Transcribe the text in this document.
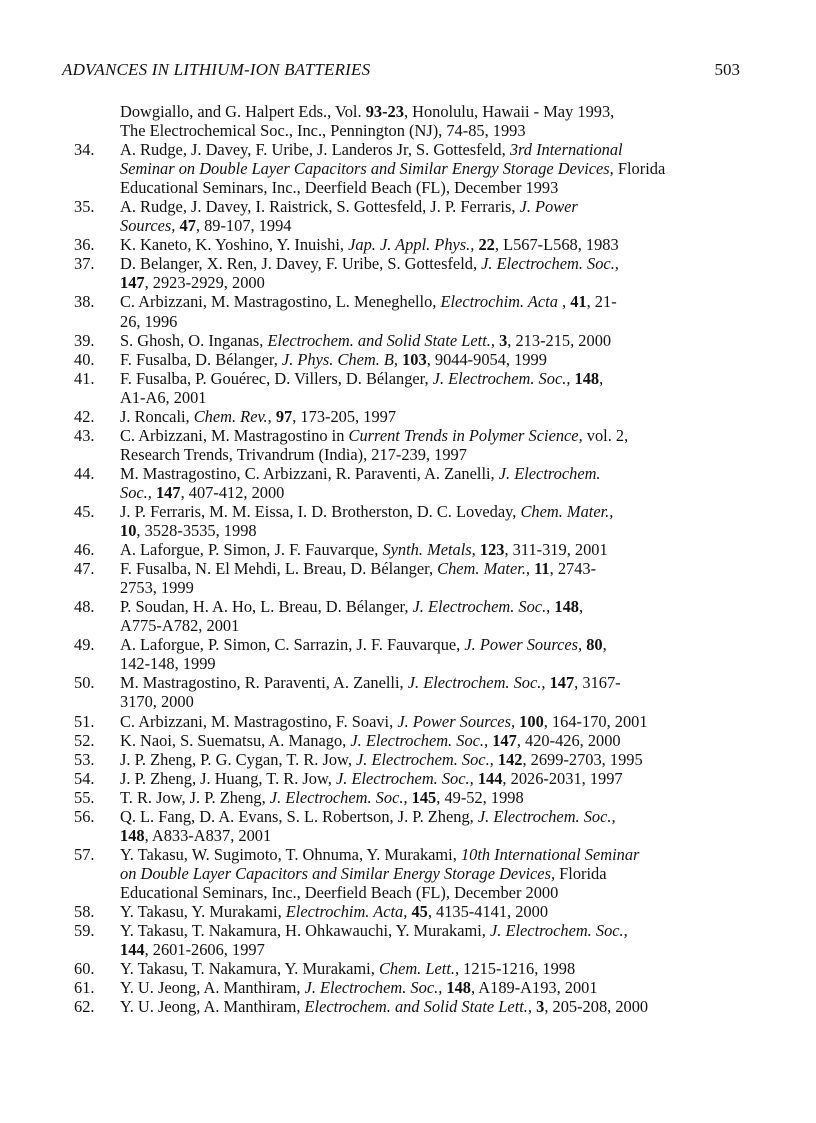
ADVANCES IN LITHIUM-ION BATTERIES	503
Dowgiallo, and G. Halpert Eds., Vol. 93-23, Honolulu, Hawaii - May 1993,
The Electrochemical Soc., Inc., Pennington (NJ), 74-85, 1993
34.	A. Rudge, J. Davey, F. Uribe, J. Landeros Jr, S. Gottesfeld, 3rd International
Seminar on Double Layer Capacitors and Similar Energy Storage Devices, Florida
Educational Seminars, Inc., Deerfield Beach (FL), December 1993
35.	A. Rudge, J. Davey, I. Raistrick, S. Gottesfeld, J. P. Ferraris, J. Power
Sources, 47, 89-107, 1994
36.	K. Kaneto, K. Yoshino, Y. Inuishi, Jap. J. Appl. Phys., 22, L567-L568, 1983
37.	D. Belanger, X. Ren, J. Davey, F. Uribe, S. Gottesfeld, J. Electrochem. Soc.,
147, 2923-2929, 2000
38.	C. Arbizzani, M. Mastragostino, L. Meneghello, Electrochim. Acta , 41, 21-
26, 1996
39.	S. Ghosh, O. Inganas, Electrochem. and Solid State Lett., 3, 213-215, 2000
40.	F. Fusalba, D. Bélanger, J. Phys. Chem. B, 103, 9044-9054, 1999
41.	F. Fusalba, P. Gouérec, D. Villers, D. Bélanger, J. Electrochem. Soc., 148,
A1-A6, 2001
42.	J. Roncali, Chem. Rev., 97, 173-205, 1997
43.	C. Arbizzani, M. Mastragostino in Current Trends in Polymer Science, vol. 2,
Research Trends, Trivandrum (India), 217-239, 1997
44.	M. Mastragostino, C. Arbizzani, R. Paraventi, A. Zanelli, J. Electrochem.
Soc., 147, 407-412, 2000
45.	J. P. Ferraris, M. M. Eissa, I. D. Brotherston, D. C. Loveday, Chem. Mater.,
10, 3528-3535, 1998
46.	A. Laforgue, P. Simon, J. F. Fauvarque, Synth. Metals, 123, 311-319, 2001
47.	F. Fusalba, N. El Mehdi, L. Breau, D. Bélanger, Chem. Mater., 11, 2743-
2753, 1999
48.	P. Soudan, H. A. Ho, L. Breau, D. Bélanger, J. Electrochem. Soc., 148,
A775-A782, 2001
49.	A. Laforgue, P. Simon, C. Sarrazin, J. F. Fauvarque, J. Power Sources, 80,
142-148, 1999
50.	M. Mastragostino, R. Paraventi, A. Zanelli, J. Electrochem. Soc., 147, 3167-
3170, 2000
51.	C. Arbizzani, M. Mastragostino, F. Soavi, J. Power Sources, 100, 164-170, 2001
52.	K. Naoi, S. Suematsu, A. Manago, J. Electrochem. Soc., 147, 420-426, 2000
53.	J. P. Zheng, P. G. Cygan, T. R. Jow, J. Electrochem. Soc., 142, 2699-2703, 1995
54.	J. P. Zheng, J. Huang, T. R. Jow, J. Electrochem. Soc., 144, 2026-2031, 1997
55.	T. R. Jow, J. P. Zheng, J. Electrochem. Soc., 145, 49-52, 1998
56.	Q. L. Fang, D. A. Evans, S. L. Robertson, J. P. Zheng, J. Electrochem. Soc.,
148, A833-A837, 2001
57.	Y. Takasu, W. Sugimoto, T. Ohnuma, Y. Murakami, 10th International Seminar
on Double Layer Capacitors and Similar Energy Storage Devices, Florida
Educational Seminars, Inc., Deerfield Beach (FL), December 2000
58.	Y. Takasu, Y. Murakami, Electrochim. Acta, 45, 4135-4141, 2000
59.	Y. Takasu, T. Nakamura, H. Ohkawauchi, Y. Murakami, J. Electrochem. Soc.,
144, 2601-2606, 1997
60.	Y. Takasu, T. Nakamura, Y. Murakami, Chem. Lett., 1215-1216, 1998
61.	Y. U. Jeong, A. Manthiram, J. Electrochem. Soc., 148, A189-A193, 2001
62.	Y. U. Jeong, A. Manthiram, Electrochem. and Solid State Lett., 3, 205-208, 2000
